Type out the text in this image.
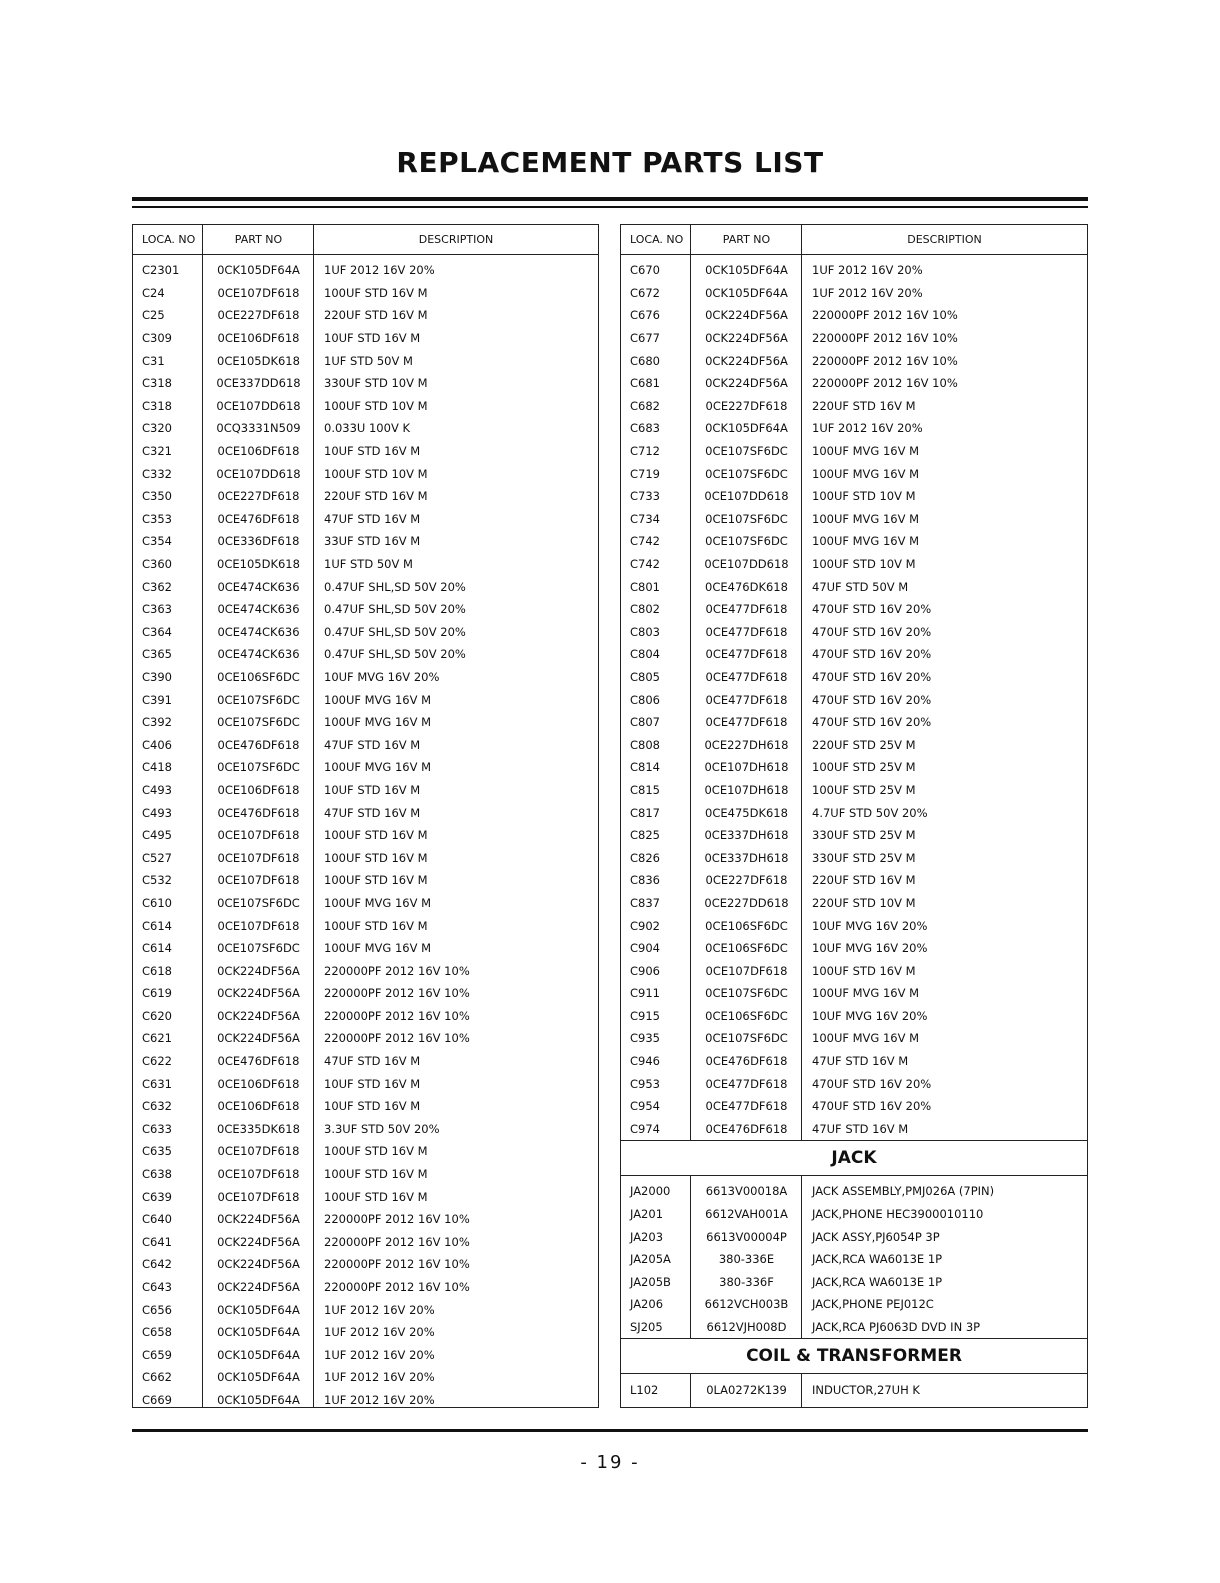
REPLACEMENT PARTS LIST
LOCA. NO	PART NO	DESCRIPTION
C2301	0CK105DF64A	1UF 2012 16V 20%
C24	0CE107DF618	100UF STD 16V M
C25	0CE227DF618	220UF STD 16V M
C309	0CE106DF618	10UF STD 16V M
C31	0CE105DK618	1UF STD 50V M
C318	0CE337DD618	330UF STD 10V M
C318	0CE107DD618	100UF STD 10V M
C320	0CQ3331N509	0.033U 100V K
C321	0CE106DF618	10UF STD 16V M
C332	0CE107DD618	100UF STD 10V M
C350	0CE227DF618	220UF STD 16V M
C353	0CE476DF618	47UF STD 16V M
C354	0CE336DF618	33UF STD 16V M
C360	0CE105DK618	1UF STD 50V M
C362	0CE474CK636	0.47UF SHL,SD 50V 20%
C363	0CE474CK636	0.47UF SHL,SD 50V 20%
C364	0CE474CK636	0.47UF SHL,SD 50V 20%
C365	0CE474CK636	0.47UF SHL,SD 50V 20%
C390	0CE106SF6DC	10UF MVG 16V 20%
C391	0CE107SF6DC	100UF MVG 16V M
C392	0CE107SF6DC	100UF MVG 16V M
C406	0CE476DF618	47UF STD 16V M
C418	0CE107SF6DC	100UF MVG 16V M
C493	0CE106DF618	10UF STD 16V M
C493	0CE476DF618	47UF STD 16V M
C495	0CE107DF618	100UF STD 16V M
C527	0CE107DF618	100UF STD 16V M
C532	0CE107DF618	100UF STD 16V M
C610	0CE107SF6DC	100UF MVG 16V M
C614	0CE107DF618	100UF STD 16V M
C614	0CE107SF6DC	100UF MVG 16V M
C618	0CK224DF56A	220000PF 2012 16V 10%
C619	0CK224DF56A	220000PF 2012 16V 10%
C620	0CK224DF56A	220000PF 2012 16V 10%
C621	0CK224DF56A	220000PF 2012 16V 10%
C622	0CE476DF618	47UF STD 16V M
C631	0CE106DF618	10UF STD 16V M
C632	0CE106DF618	10UF STD 16V M
C633	0CE335DK618	3.3UF STD 50V 20%
C635	0CE107DF618	100UF STD 16V M
C638	0CE107DF618	100UF STD 16V M
C639	0CE107DF618	100UF STD 16V M
C640	0CK224DF56A	220000PF 2012 16V 10%
C641	0CK224DF56A	220000PF 2012 16V 10%
C642	0CK224DF56A	220000PF 2012 16V 10%
C643	0CK224DF56A	220000PF 2012 16V 10%
C656	0CK105DF64A	1UF 2012 16V 20%
C658	0CK105DF64A	1UF 2012 16V 20%
C659	0CK105DF64A	1UF 2012 16V 20%
C662	0CK105DF64A	1UF 2012 16V 20%
C669	0CK105DF64A	1UF 2012 16V 20%
LOCA. NO	PART NO	DESCRIPTION
C670	0CK105DF64A	1UF 2012 16V 20%
C672	0CK105DF64A	1UF 2012 16V 20%
C676	0CK224DF56A	220000PF 2012 16V 10%
C677	0CK224DF56A	220000PF 2012 16V 10%
C680	0CK224DF56A	220000PF 2012 16V 10%
C681	0CK224DF56A	220000PF 2012 16V 10%
C682	0CE227DF618	220UF STD 16V M
C683	0CK105DF64A	1UF 2012 16V 20%
C712	0CE107SF6DC	100UF MVG 16V M
C719	0CE107SF6DC	100UF MVG 16V M
C733	0CE107DD618	100UF STD 10V M
C734	0CE107SF6DC	100UF MVG 16V M
C742	0CE107SF6DC	100UF MVG 16V M
C742	0CE107DD618	100UF STD 10V M
C801	0CE476DK618	47UF STD 50V M
C802	0CE477DF618	470UF STD 16V 20%
C803	0CE477DF618	470UF STD 16V 20%
C804	0CE477DF618	470UF STD 16V 20%
C805	0CE477DF618	470UF STD 16V 20%
C806	0CE477DF618	470UF STD 16V 20%
C807	0CE477DF618	470UF STD 16V 20%
C808	0CE227DH618	220UF STD 25V M
C814	0CE107DH618	100UF STD 25V M
C815	0CE107DH618	100UF STD 25V M
C817	0CE475DK618	4.7UF STD 50V 20%
C825	0CE337DH618	330UF STD 25V M
C826	0CE337DH618	330UF STD 25V M
C836	0CE227DF618	220UF STD 16V M
C837	0CE227DD618	220UF STD 10V M
C902	0CE106SF6DC	10UF MVG 16V 20%
C904	0CE106SF6DC	10UF MVG 16V 20%
C906	0CE107DF618	100UF STD 16V M
C911	0CE107SF6DC	100UF MVG 16V M
C915	0CE106SF6DC	10UF MVG 16V 20%
C935	0CE107SF6DC	100UF MVG 16V M
C946	0CE476DF618	47UF STD 16V M
C953	0CE477DF618	470UF STD 16V 20%
C954	0CE477DF618	470UF STD 16V 20%
C974	0CE476DF618	47UF STD 16V M
JACK
JA2000	6613V00018A	JACK ASSEMBLY,PMJ026A (7PIN)
JA201	6612VAH001A	JACK,PHONE HEC3900010110
JA203	6613V00004P	JACK ASSY,PJ6054P 3P
JA205A	380-336E	JACK,RCA WA6013E 1P
JA205B	380-336F	JACK,RCA WA6013E 1P
JA206	6612VCH003B	JACK,PHONE PEJ012C
SJ205	6612VJH008D	JACK,RCA PJ6063D DVD IN 3P
COIL & TRANSFORMER
L102	0LA0272K139	INDUCTOR,27UH K
- 19 -
